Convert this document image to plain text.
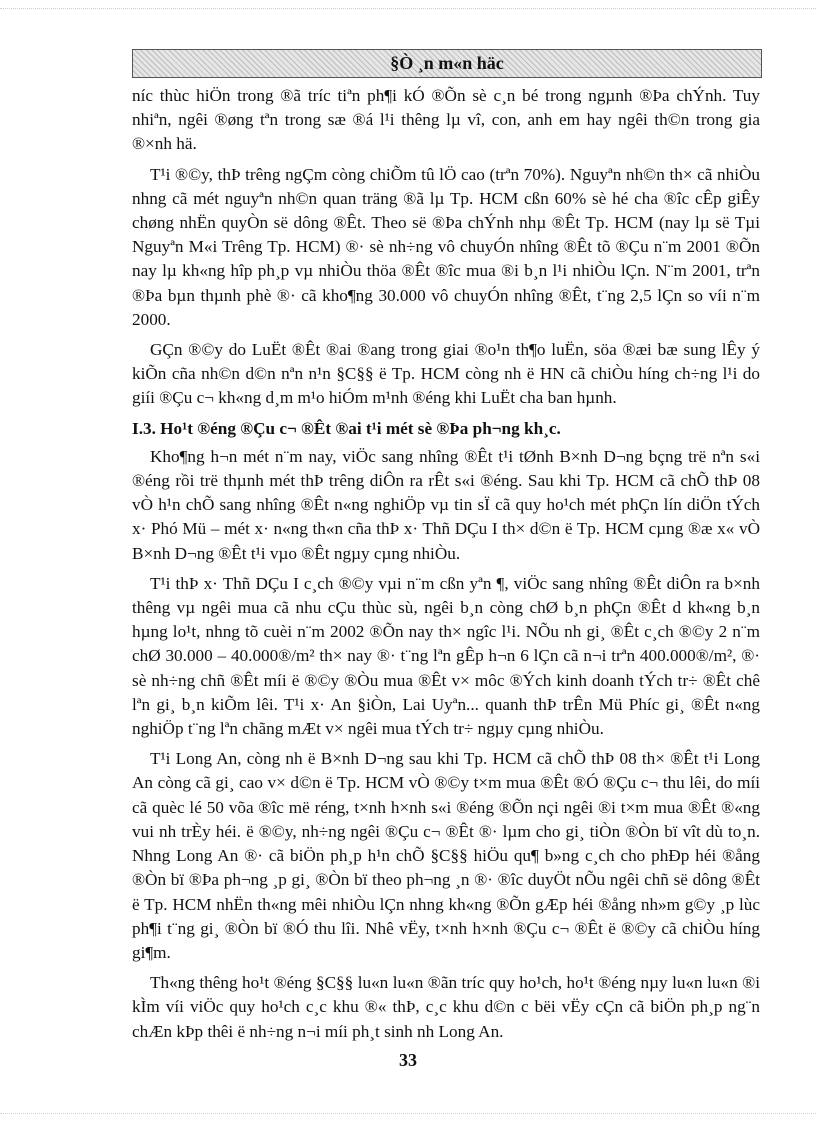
§Ò ¸n m«n häc

níc thùc hiÖn trong ®ã tríc tiªn ph¶i kÓ ®Õn sè c¸n bé trong ngµnh ®Þa chÝnh. Tuy nhiªn, ngêi ®øng tªn trong sæ ®á l¹i thêng lµ vî, con, anh em hay ngêi th©n trong gia ®×nh hä.

T¹i ®©y, thÞ trêng ngÇm còng chiÕm tû lÖ cao (trªn 70%). Nguyªn nh©n th× cã nhiÒu nhng cã mét nguyªn nh©n quan träng ®ã lµ Tp. HCM cßn 60% sè hé cha ®îc cÊp giÊy chøng nhËn quyÒn së dông ®Êt. Theo së ®Þa chÝnh nhµ ®Êt Tp. HCM (nay lµ së Tµi Nguyªn M«i Trêng Tp. HCM) ®· sè nh÷ng vô chuyÓn nhîng ®Êt tõ ®Çu n¨m 2001 ®Õn nay lµ kh«ng hîp ph¸p vµ nhiÒu thöa ®Êt ®îc mua ®i b¸n l¹i nhiÒu lÇn. N¨m 2001, trªn ®Þa bµn thµnh phè ®· cã kho¶ng 30.000 vô chuyÓn nhîng ®Êt, t¨ng 2,5 lÇn so víi n¨m 2000.

GÇn ®©y do LuËt ®Êt ®ai ®ang trong giai ®o¹n th¶o luËn, söa ®æi bæ sung lÊy ý kiÕn cña nh©n d©n nªn n¹n §C§§ ë Tp. HCM còng nh ë HN cã chiÒu híng ch÷ng l¹i do giíi ®Çu c¬ kh«ng d¸m m¹o hiÓm m¹nh ®éng khi LuËt cha ban hµnh.

I.3. Ho¹t ®éng ®Çu c¬ ®Êt ®ai t¹i mét sè ®Þa ph¬ng kh¸c.

Kho¶ng h¬n mét n¨m nay, viÖc sang nhîng ®Êt t¹i tØnh B×nh D¬ng bçng trë nªn s«i ®éng rồi trë thµnh mét thÞ trêng diÔn ra rÊt s«i ®éng. Sau khi Tp. HCM cã chÕ thÞ 08 vÒ h¹n chÕ sang nhîng ®Êt n«ng nghiÖp vµ tin sÏ cã quy ho¹ch mét phÇn lín diÖn tÝch x· Phó Mü – mét x· n«ng th«n cña thÞ x· Thñ DÇu I th× d©n ë Tp. HCM cµng ®æ x« vÒ B×nh D¬ng ®Êt t¹i vµo ®Êt ngµy cµng nhiÒu.

T¹i thÞ x· Thñ DÇu I c¸ch ®©y vµi n¨m cßn yªn ¶, viÖc sang nhîng ®Êt diÔn ra b×nh thêng vµ ngêi mua cã nhu cÇu thùc sù, ngêi b¸n còng chØ b¸n phÇn ®Êt d kh«ng b¸n hµng lo¹t, nhng tõ cuèi n¨m 2002 ®Õn nay th× ngîc l¹i. NÕu nh gi¸ ®Êt c¸ch ®©y 2 n¨m chØ 30.000 – 40.000®/m² th× nay ®· t¨ng lªn gÊp h¬n 6 lÇn cã n¬i trªn 400.000®/m², ®· sè nh÷ng chñ ®Êt míi ë ®©y ®Òu mua ®Êt v× môc ®Ých kinh doanh tÝch tr÷ ®Êt chê lªn gi¸ b¸n kiÕm lêi. T¹i x· An §iÒn, Lai Uyªn... quanh thÞ trÊn Mü Phíc gi¸ ®Êt n«ng nghiÖp t¨ng lªn chãng mÆt v× ngêi mua tÝch tr÷ ngµy cµng nhiÒu.

T¹i Long An, còng nh ë B×nh D¬ng sau khi Tp. HCM cã chÕ thÞ 08 th× ®Êt t¹i Long An còng cã gi¸ cao v× d©n ë Tp. HCM vÒ ®©y t×m mua ®Êt ®Ó ®Çu c¬ thu lêi, do míi cã quèc lé 50 võa ®îc më réng, t×nh h×nh s«i ®éng ®Õn nçi ngêi ®i t×m mua ®Êt ®«ng vui nh trÈy héi. ë ®©y, nh÷ng ngêi ®Çu c¬ ®Êt ®· lµm cho gi¸ tiÒn ®Òn bï vît dù to¸n. Nhng Long An ®· cã biÖn ph¸p h¹n chÕ §C§§ hiÖu qu¶ b»ng c¸ch cho phÐp héi ®ång ®Òn bï ®Þa ph¬ng ¸p gi¸ ®Òn bï theo ph¬ng ¸n ®· ®îc duyÖt nÕu ngêi chñ së dông ®Êt ë Tp. HCM nhËn th«ng mêi nhiÒu lÇn nhng kh«ng ®Õn gÆp héi ®ång nh»m g©y ¸p lùc ph¶i t¨ng gi¸ ®Òn bï ®Ó thu lîi. Nhê vËy, t×nh h×nh ®Çu c¬ ®Êt ë ®©y cã chiÒu híng gi¶m.

Th«ng thêng ho¹t ®éng §C§§ lu«n lu«n ®ãn tríc quy ho¹ch, ho¹t ®éng nµy lu«n lu«n ®i kÌm víi viÖc quy ho¹ch c¸c khu ®« thÞ, c¸c khu d©n c bëi vËy cÇn cã biÖn ph¸p ng¨n chÆn kÞp thêi ë nh÷ng n¬i míi ph¸t sinh nh Long An.

33
